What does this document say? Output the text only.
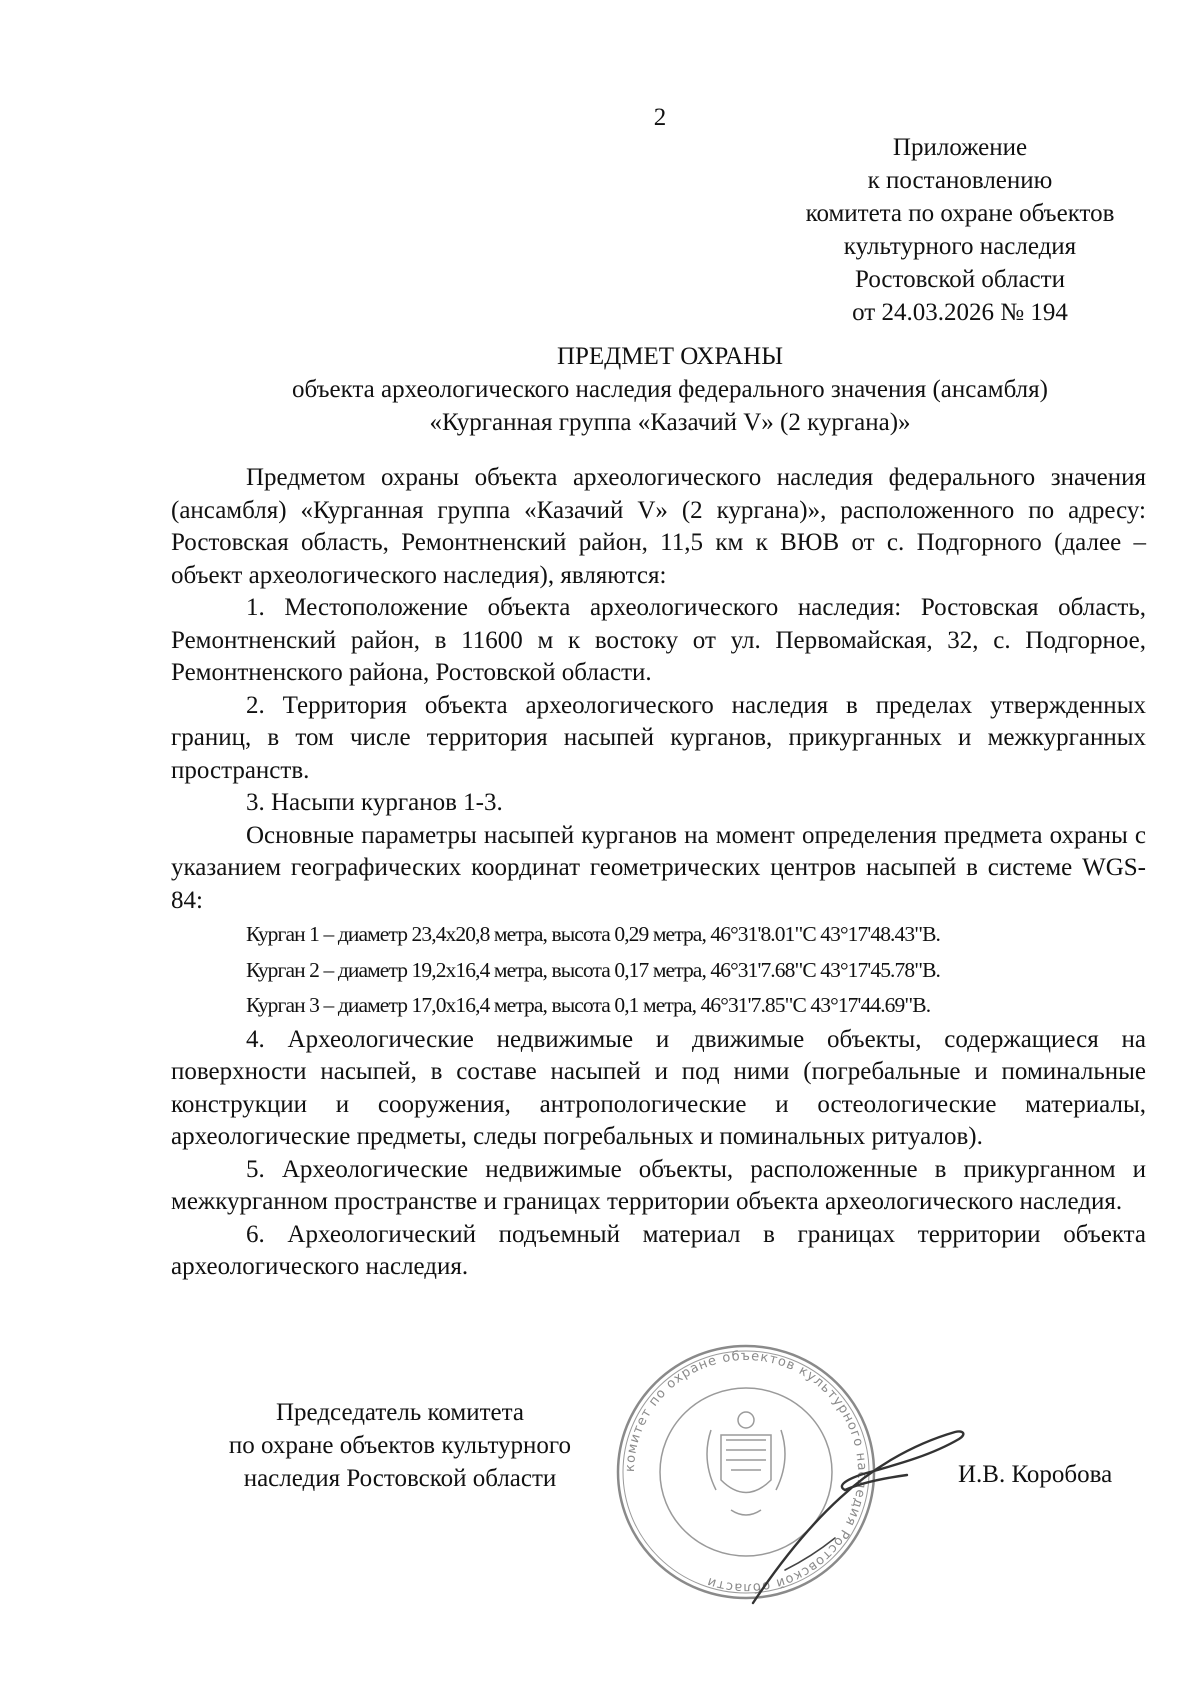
2
Приложение
к постановлению
комитета по охране объектов
культурного наследия
Ростовской области
от 24.03.2026 № 194
ПРЕДМЕТ ОХРАНЫ
объекта археологического наследия федерального значения (ансамбля)
«Курганная группа «Казачий V» (2 кургана)»

Предметом охраны объекта археологического наследия федерального значения (ансамбля) «Курганная группа «Казачий V» (2 кургана)», расположенного по адресу: Ростовская область, Ремонтненский район, 11,5 км к ВЮВ от с. Подгорного (далее – объект археологического наследия), являются:

1. Местоположение объекта археологического наследия: Ростовская область, Ремонтненский район, в 11600 м к востоку от ул. Первомайская, 32, с. Подгорное, Ремонтненского района, Ростовской области.

2. Территория объекта археологического наследия в пределах утвержденных границ, в том числе территория насыпей курганов, прикурганных и межкурганных пространств.

3. Насыпи курганов 1-3.

Основные параметры насыпей курганов на момент определения предмета охраны с указанием географических координат геометрических центров насыпей в системе WGS-84:

Курган 1 – диаметр 23,4х20,8 метра, высота 0,29 метра, 46°31'8.01"С 43°17'48.43"В.

Курган 2 – диаметр 19,2х16,4 метра, высота 0,17 метра, 46°31'7.68"С 43°17'45.78"В.

Курган 3 – диаметр 17,0х16,4 метра, высота 0,1 метра, 46°31'7.85"С 43°17'44.69"В.

4. Археологические недвижимые и движимые объекты, содержащиеся на поверхности насыпей, в составе насыпей и под ними (погребальные и поминальные конструкции и сооружения, антропологические и остеологические материалы, археологические предметы, следы погребальных и поминальных ритуалов).

5. Археологические недвижимые объекты, расположенные в прикурганном и межкурганном пространстве и границах территории объекта археологического наследия.

6. Археологический подъемный материал в границах территории объекта археологического наследия.

Председатель комитета
по охране объектов культурного
наследия Ростовской области	комитет по охране объектов культурного наследия Ростовской области
И.В. Коробова
